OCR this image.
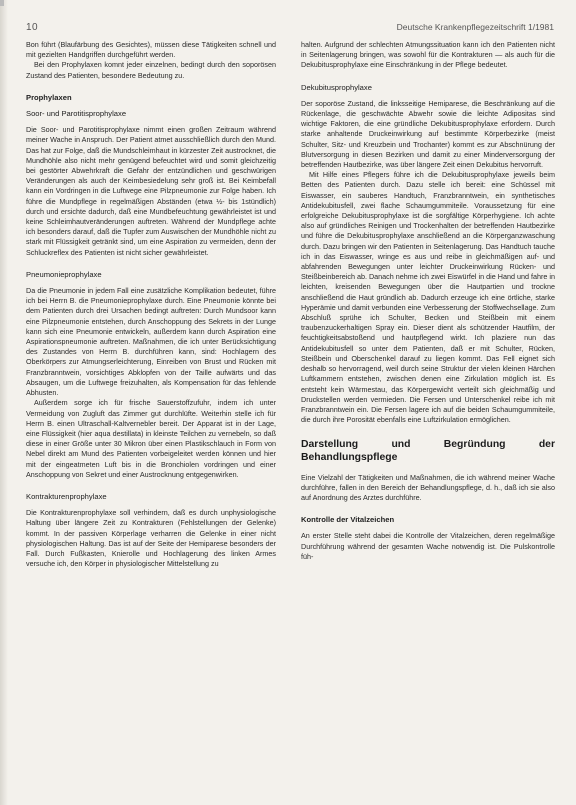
10	Deutsche Krankenpflegezeitschrift 1/1981

Bon führt (Blaufärbung des Gesichtes), müssen diese Tätigkeiten schnell und mit gezielten Handgriffen durchgeführt werden.

Bei den Prophylaxen komnt jeder einzelnen, bedingt durch den soporösen Zustand des Patienten, besondere Bedeutung zu.

Prophylaxen
Soor- und Parotitisprophylaxe

Die Soor- und Parotitisprophylaxe nimmt einen großen Zeitraum während meiner Wache in Anspruch. Der Patient atmet ausschließlich durch den Mund. Das hat zur Folge, daß die Mundschleimhaut in kürzester Zeit austrocknet, die Mundhöhle also nicht mehr genügend befeuchtet wird und somit gleichzeitig bei gestörter Abwehrkraft die Gefahr der entzündlichen und geschwürigen Veränderungen als auch der Keimbesiedelung sehr groß ist. Bei Keimbefall kann ein Vordringen in die Luftwege eine Pilzpneumonie zur Folge haben. Ich führe die Mundpflege in regelmäßigen Abständen (etwa ½- bis 1stündlich) durch und ersichte dadurch, daß eine Mundbefeuchtung gewährleistet ist und keine Schleimhautveränderungen auftreten. Während der Mundpflege achte ich besonders darauf, daß die Tupfer zum Auswischen der Mundhöhle nicht zu stark mit Flüssigkeit getränkt sind, um eine Aspiration zu vermeiden, denn der Schluckreflex des Patienten ist nicht sicher gewährleistet.

Pneumonieprophylaxe

Da die Pneumonie in jedem Fall eine zusätzliche Komplikation bedeutet, führe ich bei Herrn B. die Pneumonieprophylaxe durch. Eine Pneumonie könnte bei dem Patienten durch drei Ursachen bedingt auftreten: Durch Mundsoor kann eine Pilzpneumonie entstehen, durch Anschoppung des Sekrets in der Lunge kann sich eine Pneumonie entwickeln, außerdem kann durch Aspiration eine Aspirationspneumonie auftreten. Maßnahmen, die ich unter Berücksichtigung des Zustandes von Herrn B. durchführen kann, sind: Hochlagern des Oberkörpers zur Atmungserleichterung, Einreiben von Brust und Rücken mit Franzbranntwein, vorsichtiges Abklopfen von der Taille aufwärts und das Absaugen, um die Luftwege freizuhalten, als Kompensation für das fehlende Abhusten.

Außerdem sorge ich für frische Sauerstoffzufuhr, indem ich unter Vermeidung von Zugluft das Zimmer gut durchlüfte. Weiterhin stelle ich für Herrn B. einen Ultraschall-Kaltvernebler bereit. Der Apparat ist in der Lage, eine Flüssigkeit (hier aqua destillata) in kleinste Teilchen zu vernebeln, so daß diese in einer Größe unter 30 Mikron über einen Plastikschlauch in Form von Nebel direkt am Mund des Patienten vorbeigeleitet werden können und hier mit der eingeatmeten Luft bis in die Bronchiolen vordringen und einer Anschoppung von Sekret und einer Austrocknung entgegenwirken.

Kontrakturenprophylaxe

Die Kontrakturenprophylaxe soll verhindern, daß es durch unphysiologische Haltung über längere Zeit zu Kontrakturen (Fehlstellungen der Gelenke) kommt. In der passiven Körperlage verharren die Gelenke in einer nicht physiologischen Haltung. Das ist auf der Seite der Hemiparese besonders der Fall. Durch Fußkasten, Knierolle und Hochlagerung des linken Armes versuche ich, den Körper in physiologischer Mittelstellung zu

halten. Aufgrund der schlechten Atmungssituation kann ich den Patienten nicht in Seitenlagerung bringen, was sowohl für die Kontrakturen — als auch für die Dekubitusprophylaxe eine Einschränkung in der Pflege bedeutet.

Dekubitusprophylaxe

Der soporöse Zustand, die linksseitige Hemiparese, die Beschränkung auf die Rückenlage, die geschwächte Abwehr sowie die leichte Adipositas sind wichtige Faktoren, die eine gründliche Dekubitusprophylaxe erfordern. Durch starke anhaltende Druckeinwirkung auf bestimmte Körperbezirke (meist Schulter, Sitz- und Kreuzbein und Trochanter) kommt es zur Abschnürung der Blutversorgung in diesen Bezirken und damit zu einer Minderversorgung der betreffenden Hautbezirke, was über längere Zeit einen Dekubitus hervorruft.

Mit Hilfe eines Pflegers führe ich die Dekubitusprophylaxe jeweils beim Betten des Patienten durch. Dazu stelle ich bereit: eine Schüssel mit Eiswasser, ein sauberes Handtuch, Franzbranntwein, ein synthetisches Antidekubitusfell, zwei flache Schaumgummiteile. Voraussetzung für eine erfolgreiche Dekubitusprophylaxe ist die sorgfältige Körperhygiene. Ich achte also auf gründliches Reinigen und Trockenhalten der betreffenden Hautbezirke und führe die Dekubitusprophylaxe anschließend an die Körperganzwaschung durch. Dazu bringen wir den Patienten in Seitenlagerung. Das Handtuch tauche ich in das Eiswasser, wringe es aus und reibe in gleichmäßigen auf- und abfahrenden Bewegungen unter leichter Druckeinwirkung Rücken- und Steißbeinbereich ab. Danach nehme ich zwei Eiswürfel in die Hand und fahre in leichten, kreisenden Bewegungen über die Hautpartien und trockne anschließend die Haut gründlich ab. Dadurch erzeuge ich eine örtliche, starke Hyperämie und damit verbunden eine Verbesserung der Stoffwechsellage. Zum Abschluß sprühe ich Schulter, Becken und Steißbein mit einem traubenzuckerhaltigen Spray ein. Dieser dient als schützender Hautfilm, der feuchtigkeitsabstoßend und hautpflegend wirkt. Ich plaziere nun das Antidekubitusfell so unter dem Patienten, daß er mit Schulter, Rücken, Steißbein und Oberschenkel darauf zu liegen kommt. Das Fell eignet sich deshalb so hervorragend, weil durch seine Struktur der vielen kleinen Härchen Luftkammern entstehen, zwischen denen eine Zirkulation möglich ist. Es entsteht kein Wärmestau, das Körpergewicht verteilt sich gleichmäßig und Druckstellen werden vermieden. Die Fersen und Unterschenkel reibe ich mit Franzbranntwein ein. Die Fersen lagere ich auf die beiden Schaumgummiteile, die durch ihre Porosität ebenfalls eine Luftzirkulation ermöglichen.

Darstellung und Begründung der Behandlungspflege

Eine Vielzahl der Tätigkeiten und Maßnahmen, die ich während meiner Wache durchführe, fallen in den Bereich der Behandlungspflege, d. h., daß ich sie also auf Anordnung des Arztes durchführe.

Kontrolle der Vitalzeichen

An erster Stelle steht dabei die Kontrolle der Vitalzeichen, deren regelmäßige Durchführung während der gesamten Wache notwendig ist. Die Pulskontrolle füh-
